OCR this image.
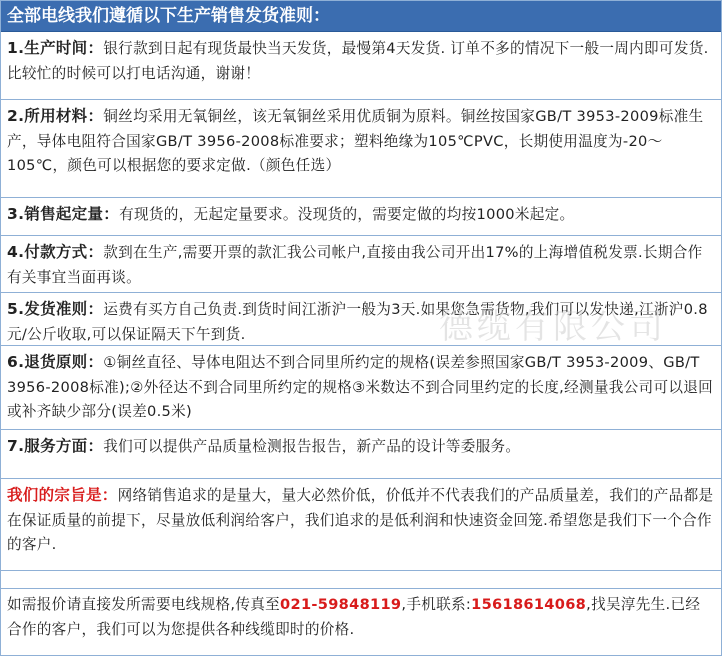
全部电线我们遵循以下生产销售发货准则：
1.生产时间：银行款到日起有现货最快当天发货，最慢第4天发货. 订单不多的情况下一般一周内即可发货. 比较忙的时候可以打电话沟通，谢谢！
2.所用材料：铜丝均采用无氧铜丝，该无氧铜丝采用优质铜为原料。铜丝按国家GB/T 3953-2009标准生产，导体电阻符合国家GB/T 3956-2008标准要求；塑料绝缘为105℃PVC，长期使用温度为-20～105℃，颜色可以根据您的要求定做.（颜色任选）
3.销售起定量：有现货的，无起定量要求。没现货的，需要定做的均按1000米起定。
4.付款方式：款到在生产,需要开票的款汇我公司帐户,直接由我公司开出17%的上海增值税发票.长期合作有关事宜当面再谈。
5.发货准则：运费有买方自己负责.到货时间江浙沪一般为3天.如果您急需货物,我们可以发快递,江浙沪0.8元/公斤收取,可以保证隔天下午到货.
6.退货原则：①铜丝直径、导体电阻达不到合同里所约定的规格(误差参照国家GB/T 3953-2009、GB/T 3956-2008标准);②外径达不到合同里所约定的规格③米数达不到合同里约定的长度,经测量我公司可以退回或补齐缺少部分(误差0.5米)
7.服务方面：我们可以提供产品质量检测报告报告，新产品的设计等委服务。
我们的宗旨是：网络销售追求的是量大，量大必然价低，价低并不代表我们的产品质量差，我们的产品都是在保证质量的前提下，尽量放低利润给客户，我们追求的是低利润和快速资金回笼.希望您是我们下一个合作的客户.
如需报价请直接发所需要电线规格,传真至021-59848119,手机联系:15618614068,找吴淳先生.已经合作的客户，我们可以为您提供各种线缆即时的价格.
德缆有限公司
